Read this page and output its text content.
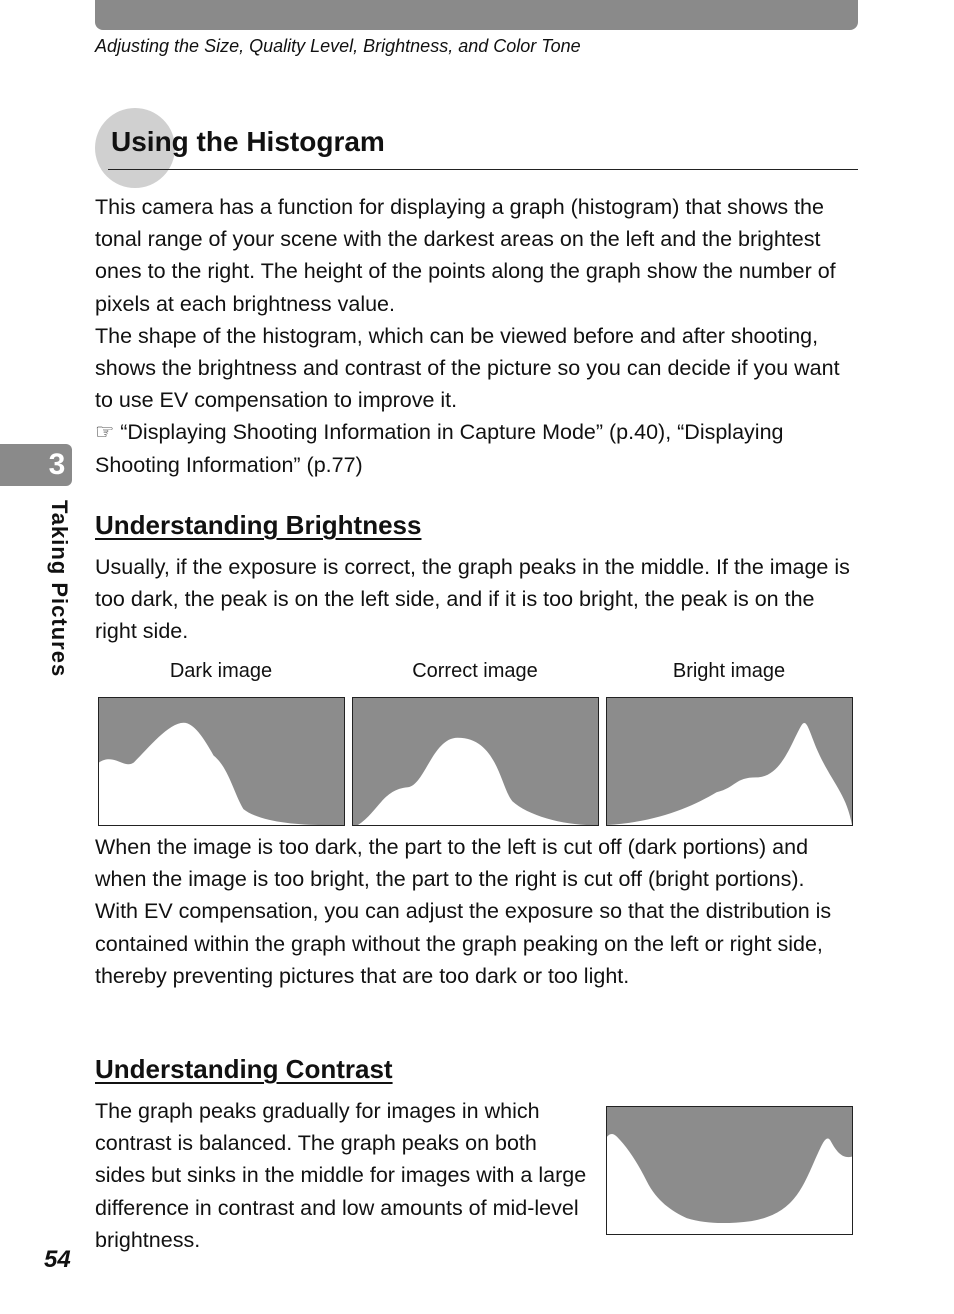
Adjusting the Size, Quality Level, Brightness, and Color Tone
Using the Histogram

This camera has a function for displaying a graph (histogram) that shows the tonal range of your scene with the darkest areas on the left and the brightest ones to the right. The height of the points along the graph show the number of pixels at each brightness value.

The shape of the histogram, which can be viewed before and after shooting, shows the brightness and contrast of the picture so you can decide if you want to use EV compensation to improve it.

☞ “Displaying Shooting Information in Capture Mode” (p.40), “Displaying Shooting Information” (p.77)

3
Taking Pictures Understanding Brightness

Usually, if the exposure is correct, the graph peaks in the middle. If the image is too dark, the peak is on the left side, and if it is too bright, the peak is on the right side.

Dark image	Correct image	Bright image

When the image is too dark, the part to the left is cut off (dark portions) and when the image is too bright, the part to the right is cut off (bright portions).

With EV compensation, you can adjust the exposure so that the distribution is contained within the graph without the graph peaking on the left or right side, thereby preventing pictures that are too dark or too light.

Understanding Contrast

The graph peaks gradually for images in which contrast is balanced. The graph peaks on both sides but sinks in the middle for images with a large difference in contrast and low amounts of mid-level brightness.

54
